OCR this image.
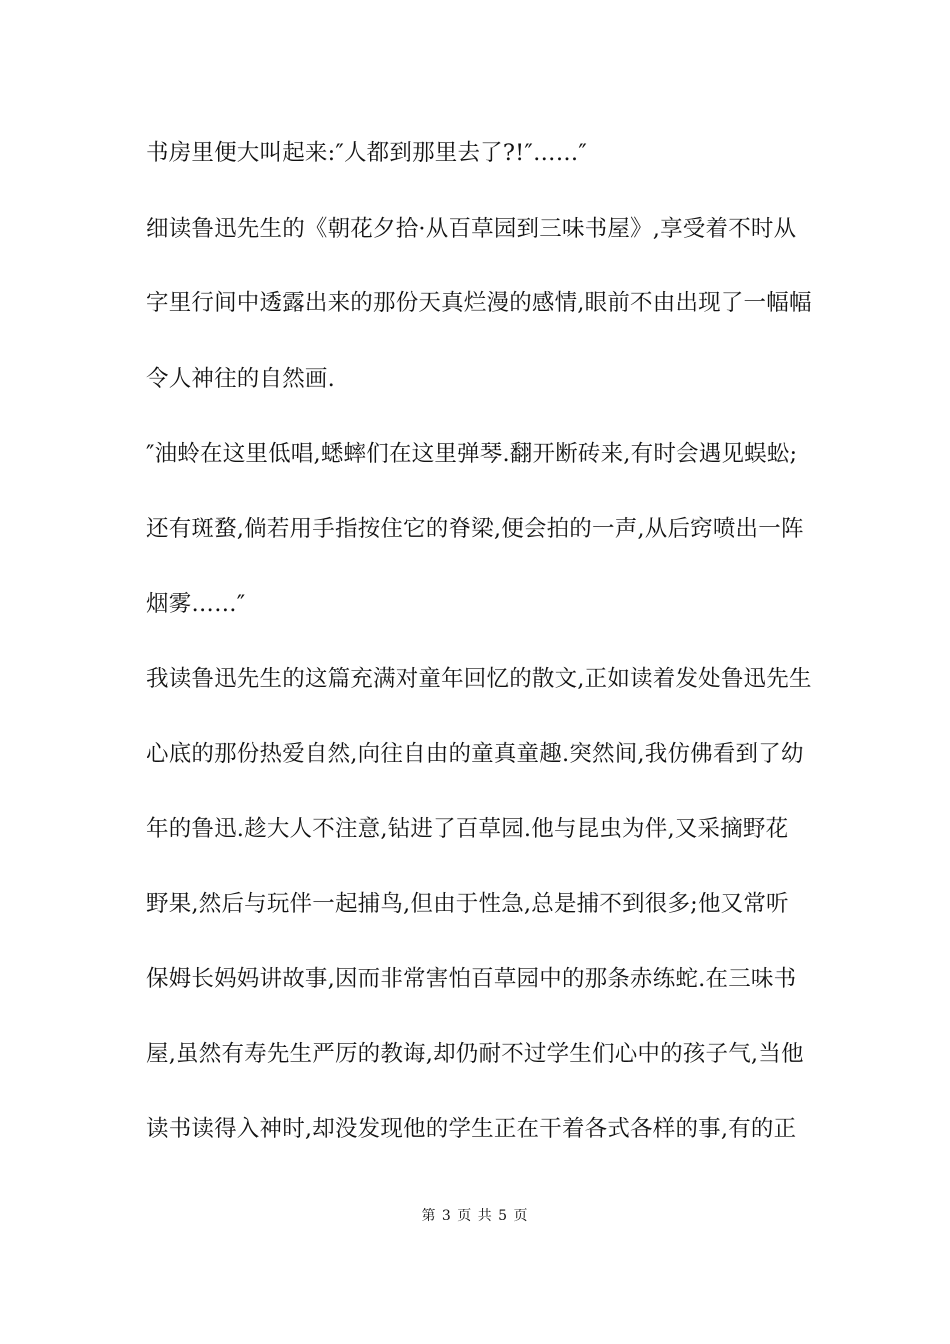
书房里便大叫起来:″人都到那里去了?!″……″
细读鲁迅先生的《朝花夕拾·从百草园到三味书屋》,享受着不时从
字里行间中透露出来的那份天真烂漫的感情,眼前不由出现了一幅幅
令人神往的自然画.
″油蛉在这里低唱,蟋蟀们在这里弹琴.翻开断砖来,有时会遇见蜈蚣;
还有斑蝥,倘若用手指按住它的脊梁,便会拍的一声,从后窍喷出一阵
烟雾……″
我读鲁迅先生的这篇充满对童年回忆的散文,正如读着发处鲁迅先生
心底的那份热爱自然,向往自由的童真童趣.突然间,我仿佛看到了幼
年的鲁迅.趁大人不注意,钻进了百草园.他与昆虫为伴,又采摘野花
野果,然后与玩伴一起捕鸟,但由于性急,总是捕不到很多;他又常听
保姆长妈妈讲故事,因而非常害怕百草园中的那条赤练蛇.在三味书
屋,虽然有寿先生严厉的教诲,却仍耐不过学生们心中的孩子气,当他
读书读得入神时,却没发现他的学生正在干着各式各样的事,有的正
第 3 页 共 5 页
